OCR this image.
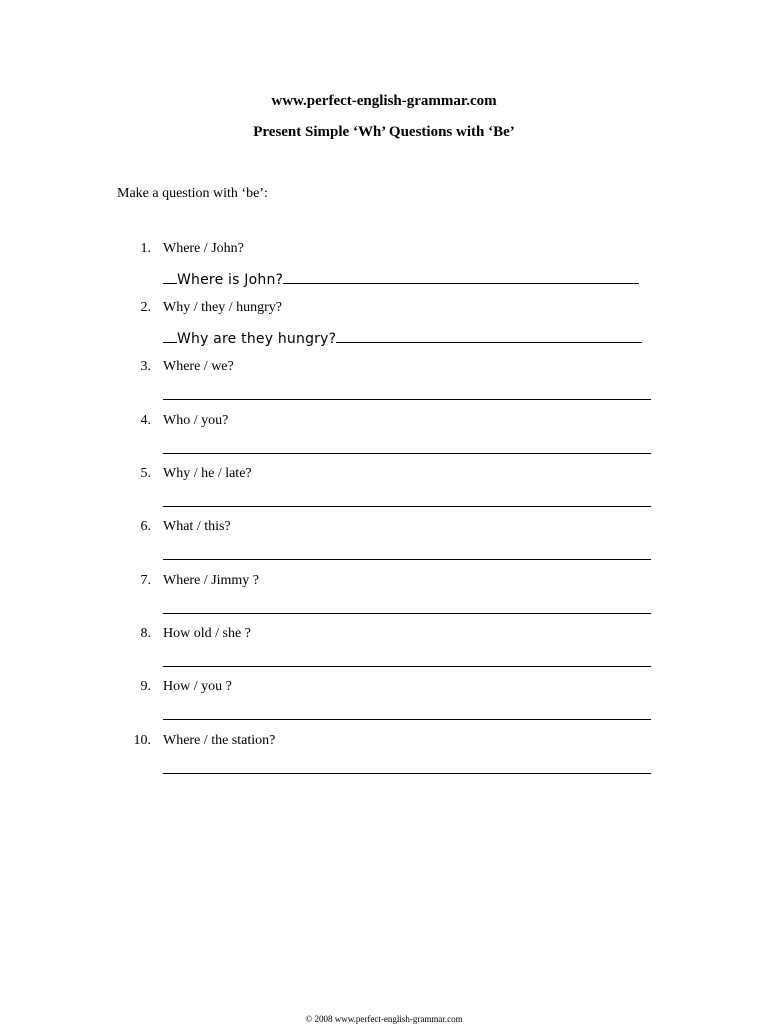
www.perfect-english-grammar.com
Present Simple ‘Wh’ Questions with ‘Be’
Make a question with ‘be’:
1. Where / John?
Where is John?
2. Why / they / hungry?
Why are they hungry?
3. Where / we?
4. Who / you?
5. Why / he / late?
6. What / this?
7. Where / Jimmy ?
8. How old / she ?
9. How / you ?
10. Where / the station?
© 2008 www.perfect-english-grammar.com
